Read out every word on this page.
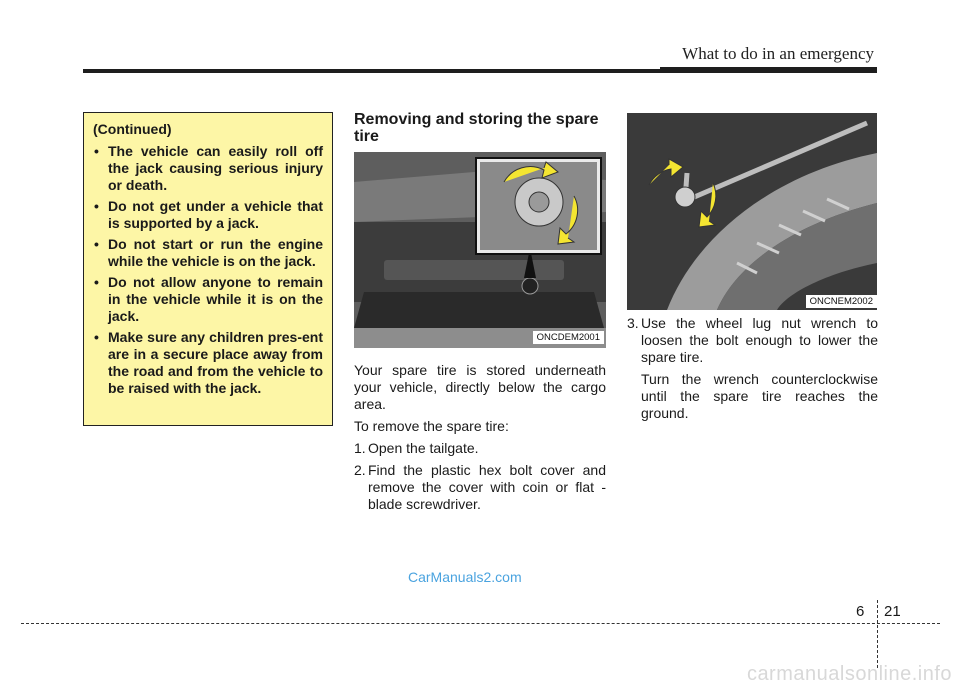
What to do in an emergency
(Continued)
• The vehicle can easily roll off the jack causing serious injury or death.
• Do not get under a vehicle that is supported by a jack.
• Do not start or run the engine while the vehicle is on the jack.
• Do not allow anyone to remain in the vehicle while it is on the jack.
• Make sure any children pres-ent are in a secure place away from the road and from the vehicle to be raised with the jack.
Removing and storing the spare tire
ONCDEM2001
ONCNEM2002

Your spare tire is stored underneath your vehicle, directly below the cargo area.

To remove the spare tire:

1. Open the tailgate.
2. Find the plastic hex bolt cover and remove the cover with coin or flat - blade screwdriver.
3. Use the wheel lug nut wrench to loosen the bolt enough to lower the spare tire.
Turn the wrench counterclockwise until the spare tire reaches the ground.
CarManuals2.com
6 21
carmanualsonline.info
